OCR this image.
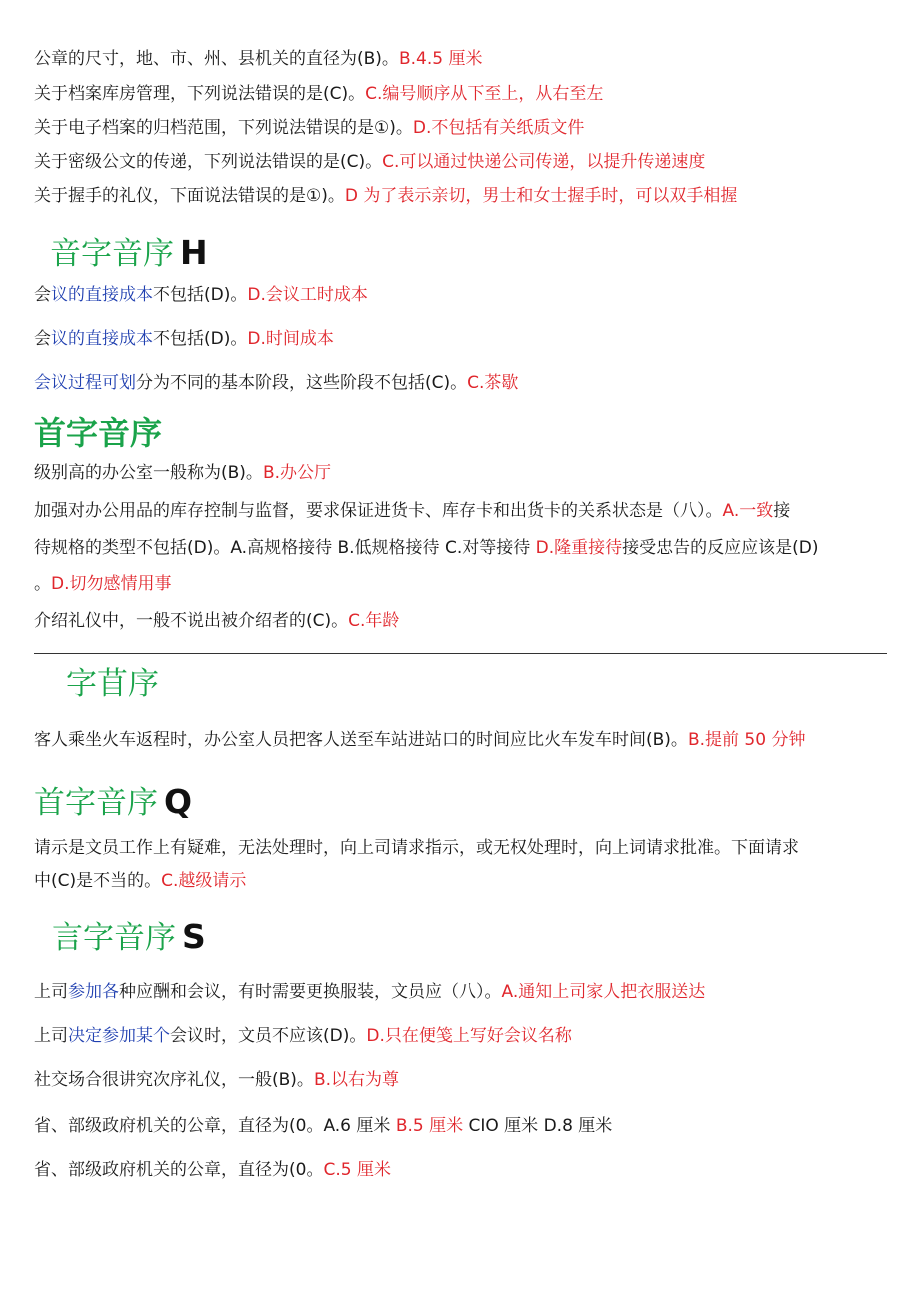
公章的尺寸，地、市、州、县机关的直径为(B)。B.4.5 厘米
关于档案库房管理，下列说法错误的是(C)。C.编号顺序从下至上，从右至左
关于电子档案的归档范围，下列说法错误的是①)。D.不包括有关纸质文件
关于密级公文的传递，下列说法错误的是(C)。C.可以通过快递公司传递，以提升传递速度
关于握手的礼仪，下面说法错误的是①)。D 为了表示亲切，男士和女士握手时，可以双手相握
音字音序 H
会议的直接成本不包括(D)。D.会议工时成本
会议的直接成本不包括(D)。D.时间成本
会议过程可划分为不同的基本阶段，这些阶段不包括(C)。C.茶歇
首字音序
级别高的办公室一般称为(B)。B.办公厅
加强对办公用品的库存控制与监督，要求保证进货卡、库存卡和出货卡的关系状态是（八）。A.一致接
待规格的类型不包括(D)。A.高规格接待 B.低规格接待 C.对等接待 D.隆重接待接受忠告的反应应该是(D)
。D.切勿感情用事
介绍礼仪中，一般不说出被介绍者的(C)。C.年龄
字苜序
客人乘坐火车返程时，办公室人员把客人送至车站进站口的时间应比火车发车时间(B)。B.提前 50 分钟
首字音序 Q
请示是文员工作上有疑难，无法处理时，向上司请求指示，或无权处理时，向上词请求批准。下面请求
中(C)是不当的。C.越级请示
言字音序 S
上司参加各种应酬和会议，有时需要更换服装，文员应（八）。A.通知上司家人把衣服送达
上司决定参加某个会议时，文员不应该(D)。D.只在便笺上写好会议名称
社交场合很讲究次序礼仪，一般(B)。B.以右为尊
省、部级政府机关的公章，直径为(0。A.6 厘米 B.5 厘米 CIO 厘米 D.8 厘米
省、部级政府机关的公章，直径为(0。C.5 厘米
